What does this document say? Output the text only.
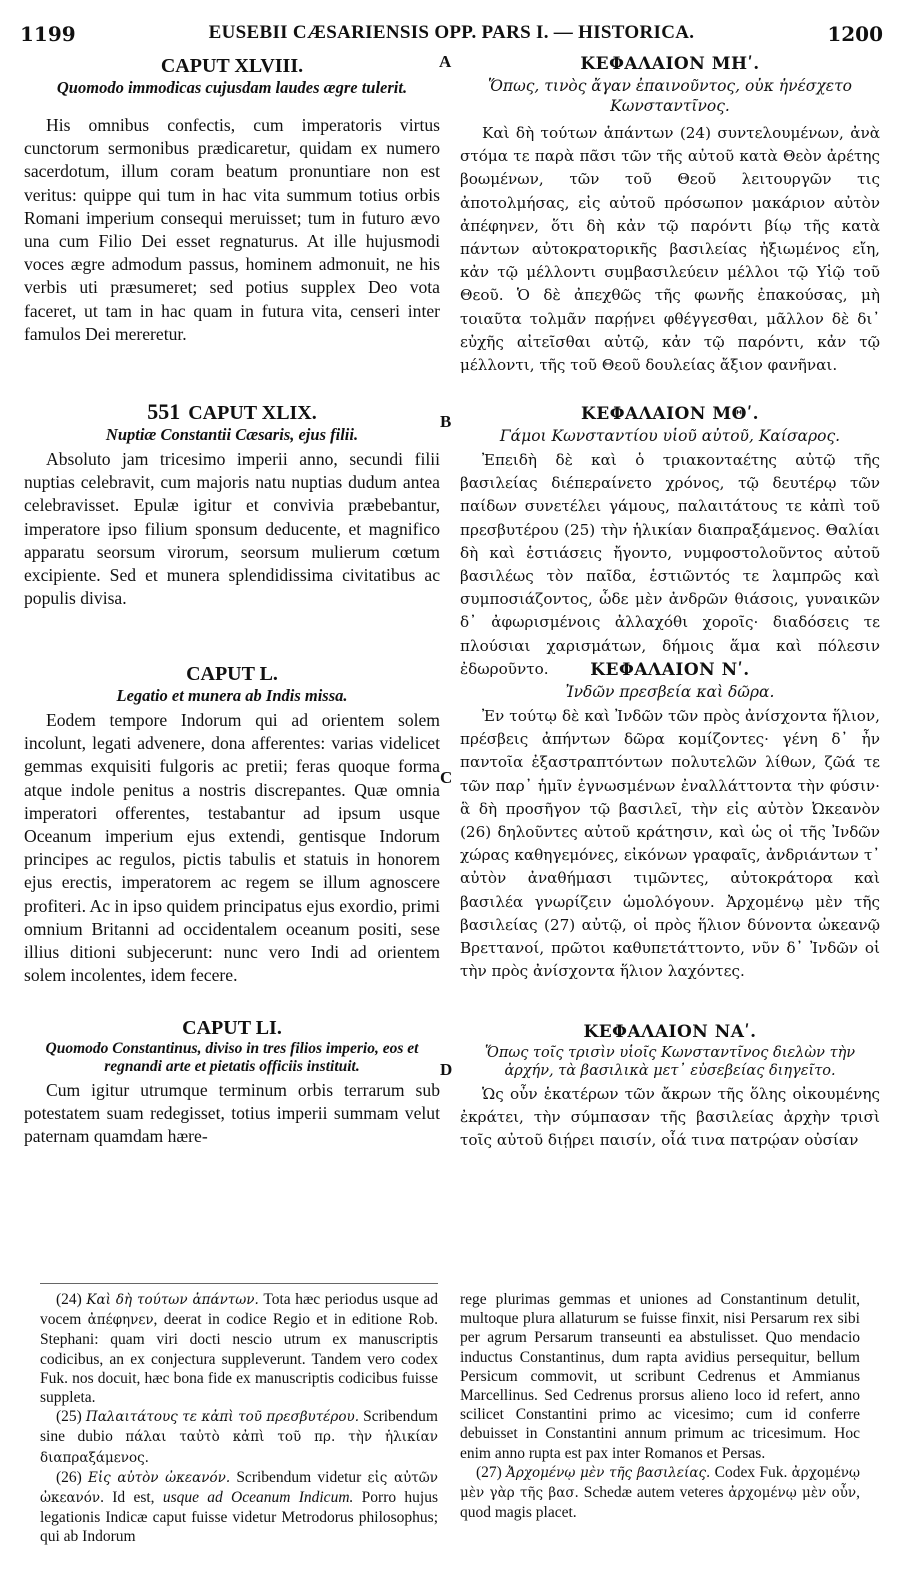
1199	EUSEBII CÆSARIENSIS OPP. PARS I. — HISTORICA.	1200
A
B
C
D
CAPUT XLVIII.
Quomodo immodicas cujusdam laudes ægre tulerit.

His omnibus confectis, cum imperatoris virtus cunctorum sermonibus prædicaretur, quidam ex numero sacerdotum, illum coram beatum pronuntiare non est veritus: quippe qui tum in hac vita summum totius orbis Romani imperium consequi meruisset; tum in futuro ævo una cum Filio Dei esset regnaturus. At ille hujusmodi voces ægre admodum passus, hominem admonuit, ne his verbis uti præsumeret; sed potius supplex Deo vota faceret, ut tam in hac quam in futura vita, censeri inter famulos Dei mereretur.

551 CAPUT XLIX.
Nuptiæ Constantii Cæsaris, ejus filii.

Absoluto jam tricesimo imperii anno, secundi filii nuptias celebravit, cum majoris natu nuptias dudum antea celebravisset. Epulæ igitur et convivia præbebantur, imperatore ipso filium sponsum deducente, et magnifico apparatu seorsum virorum, seorsum mulierum cœtum excipiente. Sed et munera splendidissima civitatibus ac populis divisa.

CAPUT L.
Legatio et munera ab Indis missa.

Eodem tempore Indorum qui ad orientem solem incolunt, legati advenere, dona afferentes: varias videlicet gemmas exquisiti fulgoris ac pretii; feras quoque forma atque indole penitus a nostris discrepantes. Quæ omnia imperatori offerentes, testabantur ad ipsum usque Oceanum imperium ejus extendi, gentisque Indorum principes ac regulos, pictis tabulis et statuis in honorem ejus erectis, imperatorem ac regem se illum agnoscere profiteri. Ac in ipso quidem principatus ejus exordio, primi omnium Britanni ad occidentalem oceanum positi, sese illius ditioni subjecerunt: nunc vero Indi ad orientem solem incolentes, idem fecere.

CAPUT LI.
Quomodo Constantinus, diviso in tres filios imperio, eos et regnandi arte et pietatis officiis instituit.

Cum igitur utrumque terminum orbis terrarum sub potestatem suam redegisset, totius imperii summam velut paternam quamdam hære-

ΚΕΦΑΛΑΙΟΝ ΜΗʹ.
Ὅπως, τινὸς ἄγαν ἐπαινοῦντος, οὐκ ἠνέσχετο Κωνσταντῖνος.

Καὶ δὴ τούτων ἁπάντων (24) συντελουμένων, ἀνὰ στόμα τε παρὰ πᾶσι τῶν τῆς αὐτοῦ κατὰ Θεὸν ἀρέτης βοωμένων, τῶν τοῦ Θεοῦ λειτουργῶν τις ἀποτολμήσας, εἰς αὐτοῦ πρόσωπον μακάριον αὐτὸν ἀπέφηνεν, ὅτι δὴ κἀν τῷ παρόντι βίῳ τῆς κατὰ πάντων αὐτοκρατορικῆς βασιλείας ἠξιωμένος εἴη, κἀν τῷ μέλλοντι συμβασιλεύειν μέλλοι τῷ Υἱῷ τοῦ Θεοῦ. Ὁ δὲ ἀπεχθῶς τῆς φωνῆς ἐπακούσας, μὴ τοιαῦτα τολμᾶν παρῄνει φθέγγεσθαι, μᾶλλον δὲ δι᾽ εὐχῆς αἰτεῖσθαι αὐτῷ, κἀν τῷ παρόντι, κἀν τῷ μέλλοντι, τῆς τοῦ Θεοῦ δουλείας ἄξιον φανῆναι.

ΚΕΦΑΛΑΙΟΝ ΜΘʹ.
Γάμοι Κωνσταντίου υἱοῦ αὐτοῦ, Καίσαρος.

Ἐπειδὴ δὲ καὶ ὁ τριακονταέτης αὐτῷ τῆς βασιλείας διέπεραίνετο χρόνος, τῷ δευτέρῳ τῶν παίδων συνετέλει γάμους, παλαιτάτους τε κἀπὶ τοῦ πρεσβυτέρου (25) τὴν ἡλικίαν διαπραξάμενος. Θαλίαι δὴ καὶ ἑστιάσεις ἤγοντο, νυμφοστολοῦντος αὐτοῦ βασιλέως τὸν παῖδα, ἑστιῶντός τε λαμπρῶς καὶ συμποσιάζοντος, ὧδε μὲν ἀνδρῶν θιάσοις, γυναικῶν δ᾽ ἀφωρισμένοις ἀλλαχόθι χοροῖς· διαδόσεις τε πλούσιαι χαρισμάτων, δήμοις ἅμα καὶ πόλεσιν ἐδωροῦντο.	ΚΕΦΑΛΑΙΟΝ Νʹ.
Ἰνδῶν πρεσβεία καὶ δῶρα.

Ἐν τούτῳ δὲ καὶ Ἰνδῶν τῶν πρὸς ἀνίσχοντα ἥλιον, πρέσβεις ἀπήντων δῶρα κομίζοντες· γένη δ᾽ ἦν παντοῖα ἐξαστραπτόντων πολυτελῶν λίθων, ζῶά τε τῶν παρ᾽ ἡμῖν ἐγνωσμένων ἐναλλάττοντα τὴν φύσιν· ἃ δὴ προσῆγον τῷ βασιλεῖ, τὴν εἰς αὐτὸν Ὠκεανὸν (26) δηλοῦντες αὐτοῦ κράτησιν, καὶ ὡς οἱ τῆς Ἰνδῶν χώρας καθηγεμόνες, εἰκόνων γραφαῖς, ἀνδριάντων τ᾽ αὐτὸν ἀναθήμασι τιμῶντες, αὐτοκράτορα καὶ βασιλέα γνωρίζειν ὡμολόγουν. Ἀρχομένῳ μὲν τῆς βασιλείας (27) αὐτῷ, οἱ πρὸς ἥλιον δύνοντα ὠκεανῷ Βρεττανοί, πρῶτοι καθυπετάττοντο, νῦν δ᾽ Ἰνδῶν οἱ τὴν πρὸς ἀνίσχοντα ἥλιον λαχόντες.

ΚΕΦΑΛΑΙΟΝ ΝΑʹ.
Ὅπως τοῖς τρισὶν υἱοῖς Κωνσταντῖνος διελὼν τὴν ἀρχήν, τὰ βασιλικὰ μετ᾽ εὐσεβείας διηγεῖτο.

Ὡς οὖν ἑκατέρων τῶν ἄκρων τῆς ὅλης οἰκουμένης ἐκράτει, τὴν σύμπασαν τῆς βασιλείας ἀρχὴν τρισὶ τοῖς αὐτοῦ διῄρει παισίν, οἷά τινα πατρῴαν οὐσίαν

(24) Καὶ δὴ τούτων ἁπάντων. Tota hæc periodus usque ad vocem ἀπέφηνεν, deerat in codice Regio et in editione Rob. Stephani: quam viri docti nescio utrum ex manuscriptis codicibus, an ex conjectura suppleverunt. Tandem vero codex Fuk. nos docuit, hæc bona fide ex manuscriptis codicibus fuisse suppleta.

(25) Παλαιτάτους τε κἀπὶ τοῦ πρεσβυτέρου. Scribendum sine dubio πάλαι ταὐτὸ κἀπὶ τοῦ πρ. τὴν ἡλικίαν διαπραξάμενος.

(26) Εἰς αὐτὸν ὠκεανόν. Scribendum videtur εἰς αὐτῶν ὠκεανόν. Id est, usque ad Oceanum Indicum. Porro hujus legationis Indicæ caput fuisse videtur Metrodorus philosophus; qui ab Indorum

rege plurimas gemmas et uniones ad Constantinum detulit, multoque plura allaturum se fuisse finxit, nisi Persarum rex sibi per agrum Persarum transeunti ea abstulisset. Quo mendacio inductus Constantinus, dum rapta avidius persequitur, bellum Persicum commovit, ut scribunt Cedrenus et Ammianus Marcellinus. Sed Cedrenus prorsus alieno loco id refert, anno scilicet Constantini primo ac vicesimo; cum id conferre debuisset in Constantini annum primum ac tricesimum. Hoc enim anno rupta est pax inter Romanos et Persas.

(27) Ἀρχομένῳ μὲν τῆς βασιλείας. Codex Fuk. ἀρχομένῳ μὲν γὰρ τῆς βασ. Schedæ autem veteres ἀρχομένῳ μὲν οὖν, quod magis placet.
